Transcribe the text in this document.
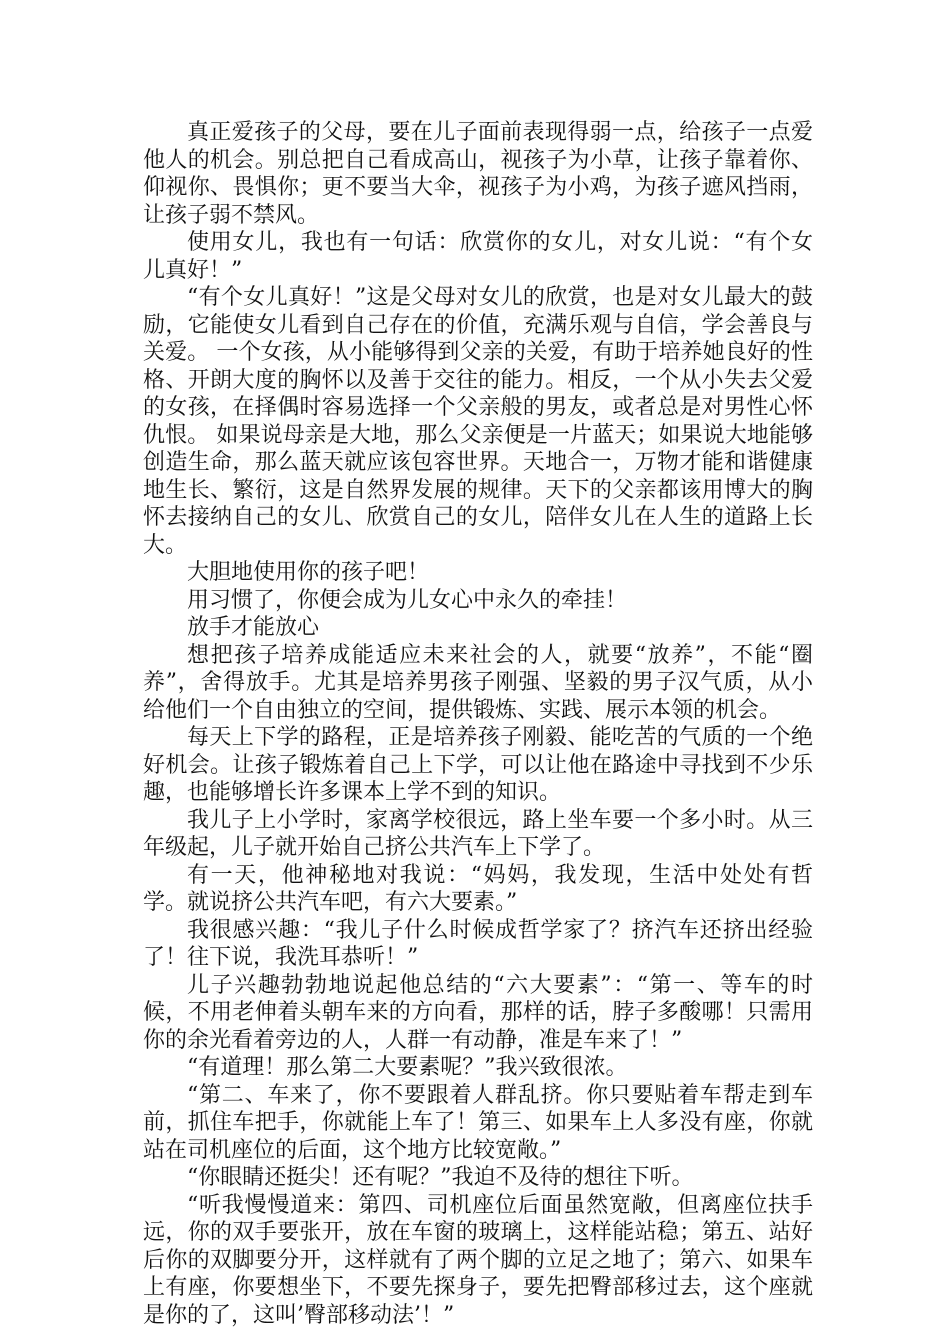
真正爱孩子的父母，要在儿子面前表现得弱一点，给孩子一点爱他人的机会。别总把自己看成高山，视孩子为小草，让孩子靠着你、仰视你、畏惧你；更不要当大伞，视孩子为小鸡，为孩子遮风挡雨，让孩子弱不禁风。

使用女儿，我也有一句话：欣赏你的女儿，对女儿说：“有个女儿真好！”

“有个女儿真好！”这是父母对女儿的欣赏，也是对女儿最大的鼓励，它能使女儿看到自己存在的价值，充满乐观与自信，学会善良与关爱。 一个女孩，从小能够得到父亲的关爱，有助于培养她良好的性格、开朗大度的胸怀以及善于交往的能力。相反，一个从小失去父爱的女孩，在择偶时容易选择一个父亲般的男友，或者总是对男性心怀仇恨。 如果说母亲是大地，那么父亲便是一片蓝天；如果说大地能够创造生命，那么蓝天就应该包容世界。天地合一，万物才能和谐健康地生长、繁衍，这是自然界发展的规律。天下的父亲都该用博大的胸怀去接纳自己的女儿、欣赏自己的女儿，陪伴女儿在人生的道路上长大。

大胆地使用你的孩子吧！

用习惯了，你便会成为儿女心中永久的牵挂！

放手才能放心

想把孩子培养成能适应未来社会的人，就要“放养”，不能“圈养”，舍得放手。尤其是培养男孩子刚强、坚毅的男子汉气质，从小给他们一个自由独立的空间，提供锻炼、实践、展示本领的机会。

每天上下学的路程，正是培养孩子刚毅、能吃苦的气质的一个绝好机会。让孩子锻炼着自己上下学，可以让他在路途中寻找到不少乐趣，也能够增长许多课本上学不到的知识。

我儿子上小学时，家离学校很远，路上坐车要一个多小时。从三年级起，儿子就开始自己挤公共汽车上下学了。

有一天，他神秘地对我说：“妈妈，我发现，生活中处处有哲学。就说挤公共汽车吧，有六大要素。”

我很感兴趣：“我儿子什么时候成哲学家了？挤汽车还挤出经验了！往下说，我洗耳恭听！”

儿子兴趣勃勃地说起他总结的“六大要素”：“第一、等车的时候，不用老伸着头朝车来的方向看，那样的话，脖子多酸哪！只需用你的余光看着旁边的人，人群一有动静，准是车来了！”

“有道理！那么第二大要素呢？”我兴致很浓。

“第二、车来了，你不要跟着人群乱挤。你只要贴着车帮走到车前，抓住车把手，你就能上车了！第三、如果车上人多没有座，你就站在司机座位的后面，这个地方比较宽敞。”

“你眼睛还挺尖！还有呢？”我迫不及待的想往下听。

“听我慢慢道来：第四、司机座位后面虽然宽敞，但离座位扶手远，你的双手要张开，放在车窗的玻璃上，这样能站稳；第五、站好后你的双脚要分开，这样就有了两个脚的立足之地了；第六、如果车上有座，你要想坐下，不要先探身子，要先把臀部移过去，这个座就是你的了，这叫’臀部移动法’！”
